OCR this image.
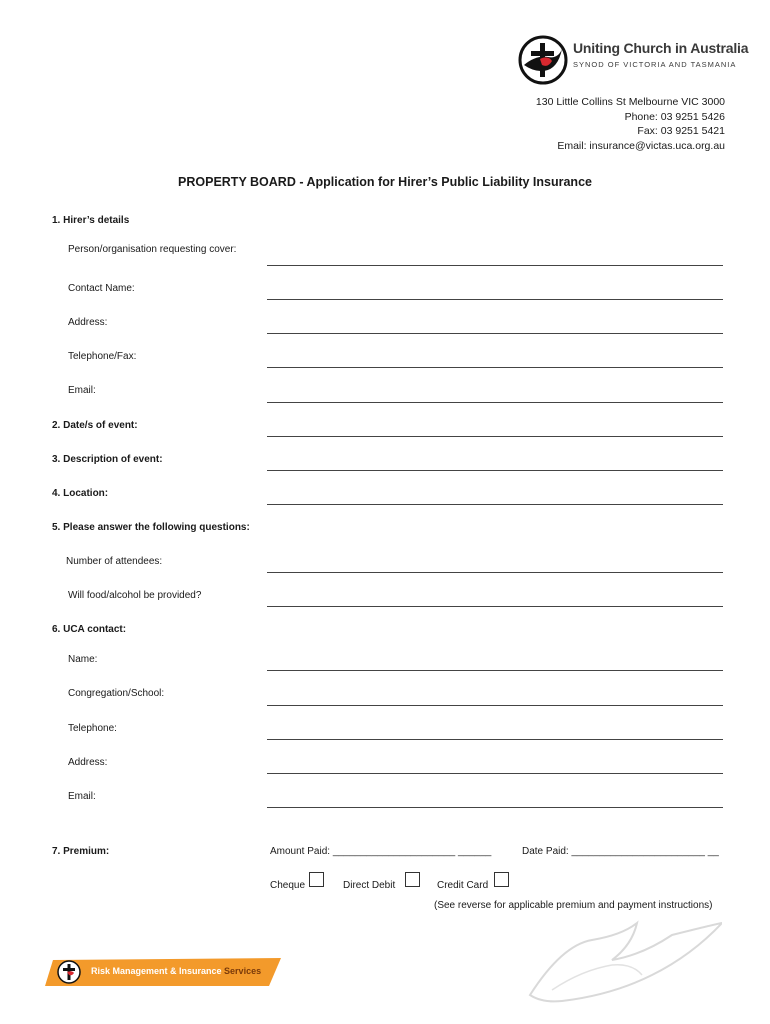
Uniting Church in Australia
SYNOD OF VICTORIA AND TASMANIA
130 Little Collins St Melbourne VIC 3000
Phone: 03 9251 5426
Fax: 03 9251 5421
Email: insurance@victas.uca.org.au
PROPERTY BOARD - Application for Hirer’s Public Liability Insurance
1. Hirer’s details
Person/organisation requesting cover:
Contact Name:
Address:
Telephone/Fax:
Email:
2. Date/s of event:
3. Description of event:
4. Location:
5. Please answer the following questions:
Number of attendees:
Will food/alcohol be provided?
6. UCA contact:
Name:
Congregation/School:
Telephone:
Address:
Email:
7. Premium:	Amount Paid: ______________________ ______	Date Paid: ________________________ __
Cheque	Direct Debit	Credit Card
(See reverse for applicable premium and payment instructions)
Risk Management & Insurance Services
